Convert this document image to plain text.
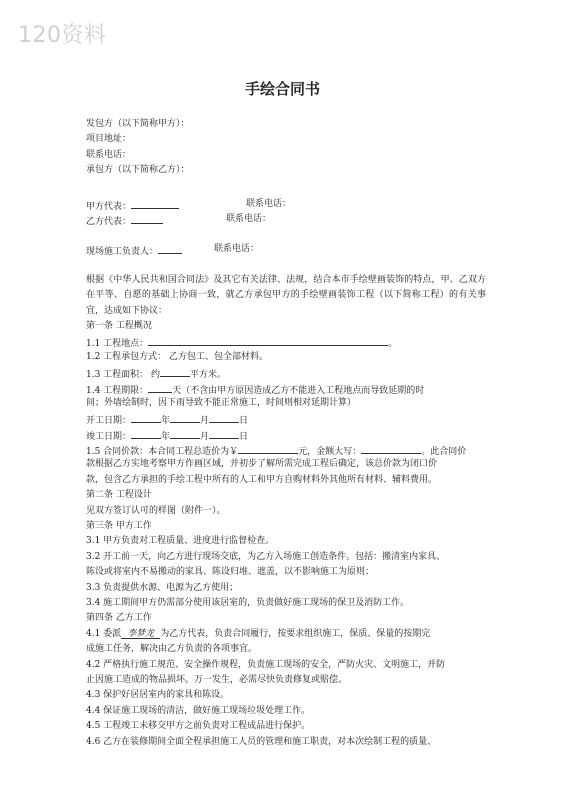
120资料
手绘合同书
发包方（以下简称甲方）：
项目地址：
联系电话：
承包方（以下简称乙方）：
甲方代表：	联系电话：
乙方代表：	联系电话：
现场施工负责人：	联系电话：
根据《中华人民共和国合同法》及其它有关法律、法规，结合本市手绘壁画装饰的特点，甲、乙双方在平等、自愿的基础上协商一致，就乙方承包甲方的手绘壁画装饰工程（以下简称工程）的有关事宜，达成如下协议：
第一条 工程概况
1.1 工程地点：	。
1.2 工程承包方式： 乙方包工、包全部材料。
1.3 工程面积： 约	平方米。
1.4 工程期限：	天（不含由甲方原因造成乙方不能进入工程地点而导致延期的时
间；外墙绘制时，因下雨导致不能正常施工，时间则相对延期计算）
开工日期：	年	月	日
竣工日期：	年	月	日
1.5 合同价款：本合同工程总造价为￥	元，金额大写：	。此合同价
款根据乙方实地考察甲方作画区域，并初步了解所需完成工程后确定，该总价款为闭口价
款，包含乙方承担的手绘工程中所有的人工和甲方自购材料外其他所有材料、辅料费用。
第二条 工程设计
见双方签订认可的样图（附件一）。
第三条 甲方工作
3.1 甲方负责对工程质量、进度进行监督检查。
3.2 开工前一天，向乙方进行现场交底，为乙方入场施工创造条件。包括：搬清室内家具、
陈设或将室内不易搬动的家具、陈设归堆、遮盖，以不影响施工为原则；
3.3 负责提供水源、电源为乙方使用；
3.4 施工期间甲方仍需部分使用该居室的，负责做好施工现场的保卫及消防工作。
第四条 乙方工作
4.1 委派 李梦龙 为乙方代表，负责合同履行，按要求组织施工，保质、保量的按期完
成施工任务，解决由乙方负责的各项事宜。
4.2 严格执行施工规范、安全操作规程，负责施工现场的安全，严防火灾、文明施工，并防
止因施工造成的物品损坏。万一发生，必需尽快负责修复或赔偿。
4.3 保护好居居室内的家具和陈设。
4.4 保证施工现场的清洁，做好施工现场垃圾处理工作。
4.5 工程竣工未移交甲方之前负责对工程成品进行保护。
4.6 乙方在装修期间全面全程承担施工人员的管理和施工职责，对本次绘制工程的质量、
